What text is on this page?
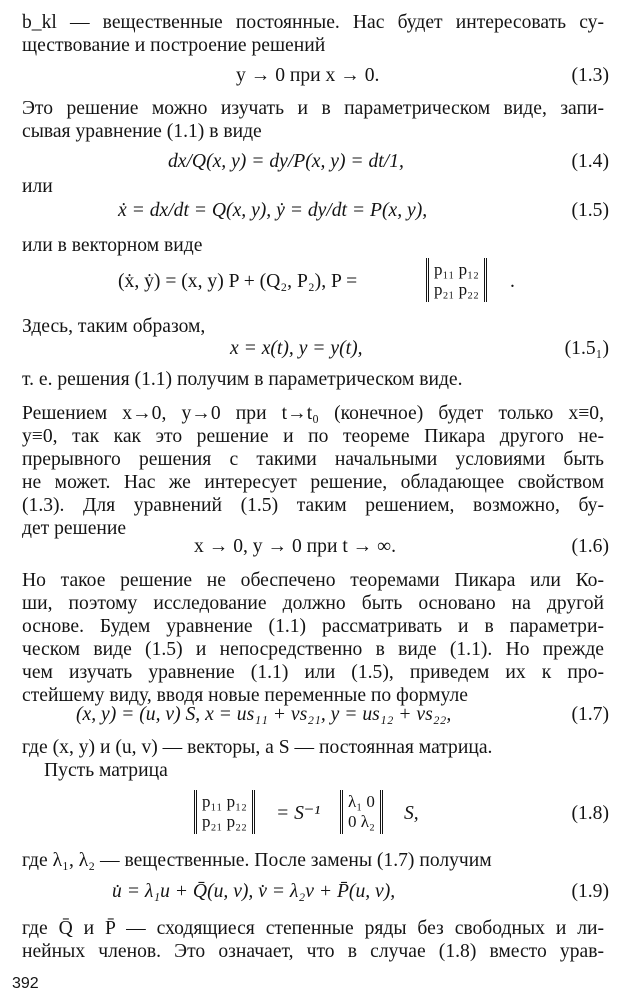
b_kl — вещественные постоянные. Нас будет интересовать су-
ществование и построение решений
y → 0 при x → 0.	(1.3)
Это решение можно изучать и в параметрическом виде, запи-
сывая уравнение (1.1) в виде
dx/Q(x, y) = dy/P(x, y) = dt/1,	(1.4)
или
ẋ = dx/dt = Q(x, y), ẏ = dy/dt = P(x, y),	(1.5)
или в векторном виде
(ẋ, ẏ) = (x, y) P + (Q₂, P₂), P =
p₁₁ p₁₂
p₂₁ p₂₂ .
Здесь, таким образом,
x = x(t), y = y(t),	(1.5₁)
т. е. решения (1.1) получим в параметрическом виде.
Решением x→0, y→0 при t→t₀ (конечное) будет только x≡0,
y≡0, так как это решение и по теореме Пикара другого не-
прерывного решения с такими начальными условиями быть
не может. Нас же интересует решение, обладающее свойством
(1.3). Для уравнений (1.5) таким решением, возможно, бу-
дет решение
x → 0, y → 0 при t → ∞.	(1.6)
Но такое решение не обеспечено теоремами Пикара или Ко-
ши, поэтому исследование должно быть основано на другой
основе. Будем уравнение (1.1) рассматривать и в параметри-
ческом виде (1.5) и непосредственно в виде (1.1). Но прежде
чем изучать уравнение (1.1) или (1.5), приведем их к про-
стейшему виду, вводя новые переменные по формуле
(x, y) = (u, v) S, x = us₁₁ + vs₂₁, y = us₁₂ + vs₂₂,	(1.7)
где (x, y) и (u, v) — векторы, а S — постоянная матрица.
Пусть матрица
p₁₁ p₁₂
p₂₁ p₂₂ = S⁻¹
λ₁ 0
0 λ₂ S,	(1.8)
где λ₁, λ₂ — вещественные. После замены (1.7) получим
u̇ = λ₁u + Q̄(u, v), v̇ = λ₂v + P̄(u, v),	(1.9)
где Q̄ и P̄ — сходящиеся степенные ряды без свободных и ли-
нейных членов. Это означает, что в случае (1.8) вместо урав-
392
